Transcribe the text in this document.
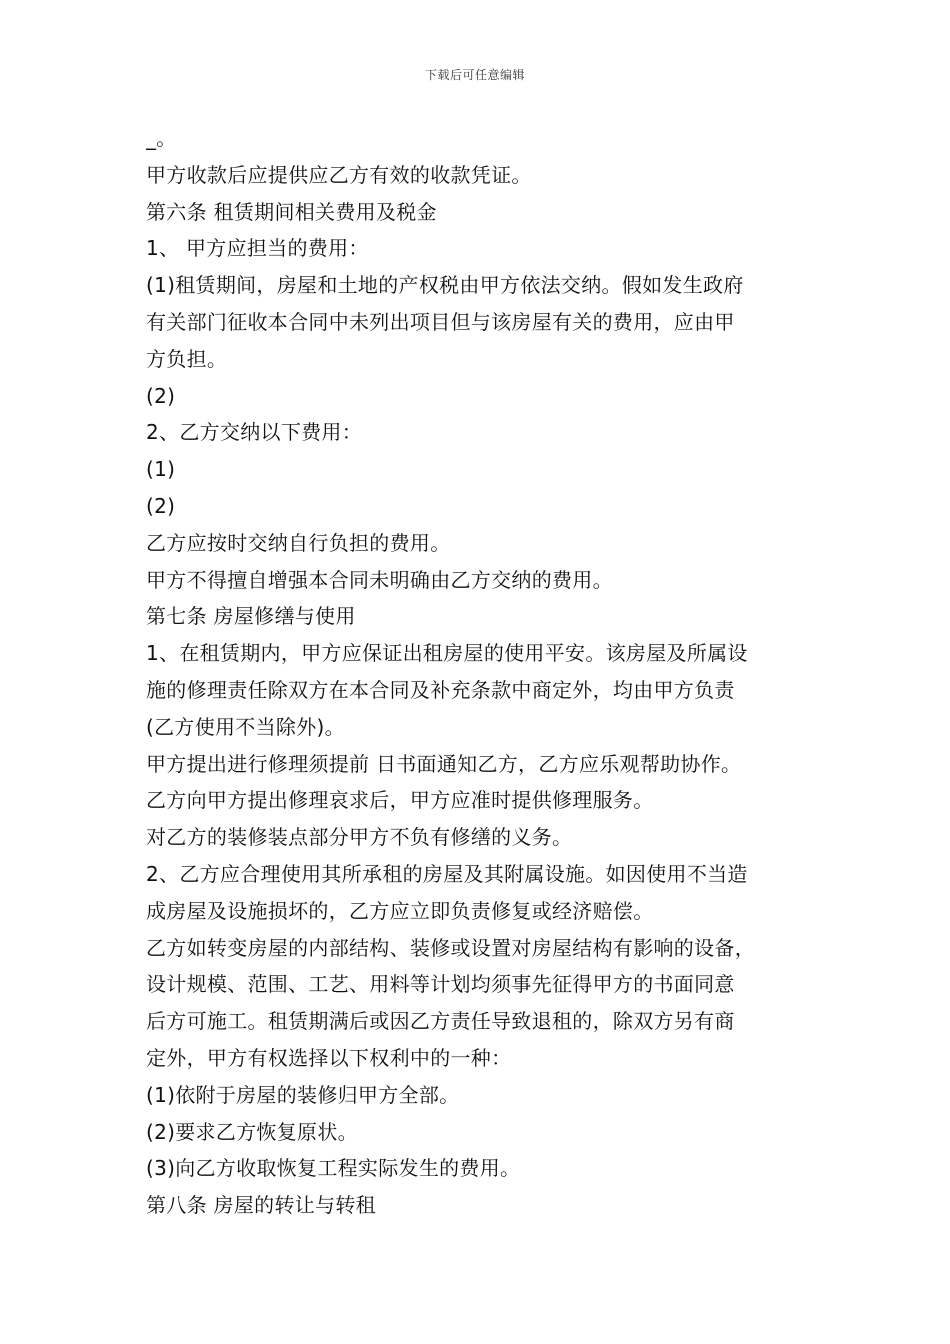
下载后可任意编辑
_。
甲方收款后应提供应乙方有效的收款凭证。
第六条 租赁期间相关费用及税金
1、 甲方应担当的费用：
(1)租赁期间，房屋和土地的产权税由甲方依法交纳。假如发生政府
有关部门征收本合同中未列出项目但与该房屋有关的费用，应由甲
方负担。
(2)
2、乙方交纳以下费用：
(1)
(2)
乙方应按时交纳自行负担的费用。
甲方不得擅自增强本合同未明确由乙方交纳的费用。
第七条 房屋修缮与使用
1、在租赁期内，甲方应保证出租房屋的使用平安。该房屋及所属设
施的修理责任除双方在本合同及补充条款中商定外，均由甲方负责
(乙方使用不当除外)。
甲方提出进行修理须提前 日书面通知乙方，乙方应乐观帮助协作。
乙方向甲方提出修理哀求后，甲方应准时提供修理服务。
对乙方的装修装点部分甲方不负有修缮的义务。
2、乙方应合理使用其所承租的房屋及其附属设施。如因使用不当造
成房屋及设施损坏的，乙方应立即负责修复或经济赔偿。
乙方如转变房屋的内部结构、装修或设置对房屋结构有影响的设备，
设计规模、范围、工艺、用料等计划均须事先征得甲方的书面同意
后方可施工。租赁期满后或因乙方责任导致退租的，除双方另有商
定外，甲方有权选择以下权利中的一种：
(1)依附于房屋的装修归甲方全部。
(2)要求乙方恢复原状。
(3)向乙方收取恢复工程实际发生的费用。
第八条 房屋的转让与转租
